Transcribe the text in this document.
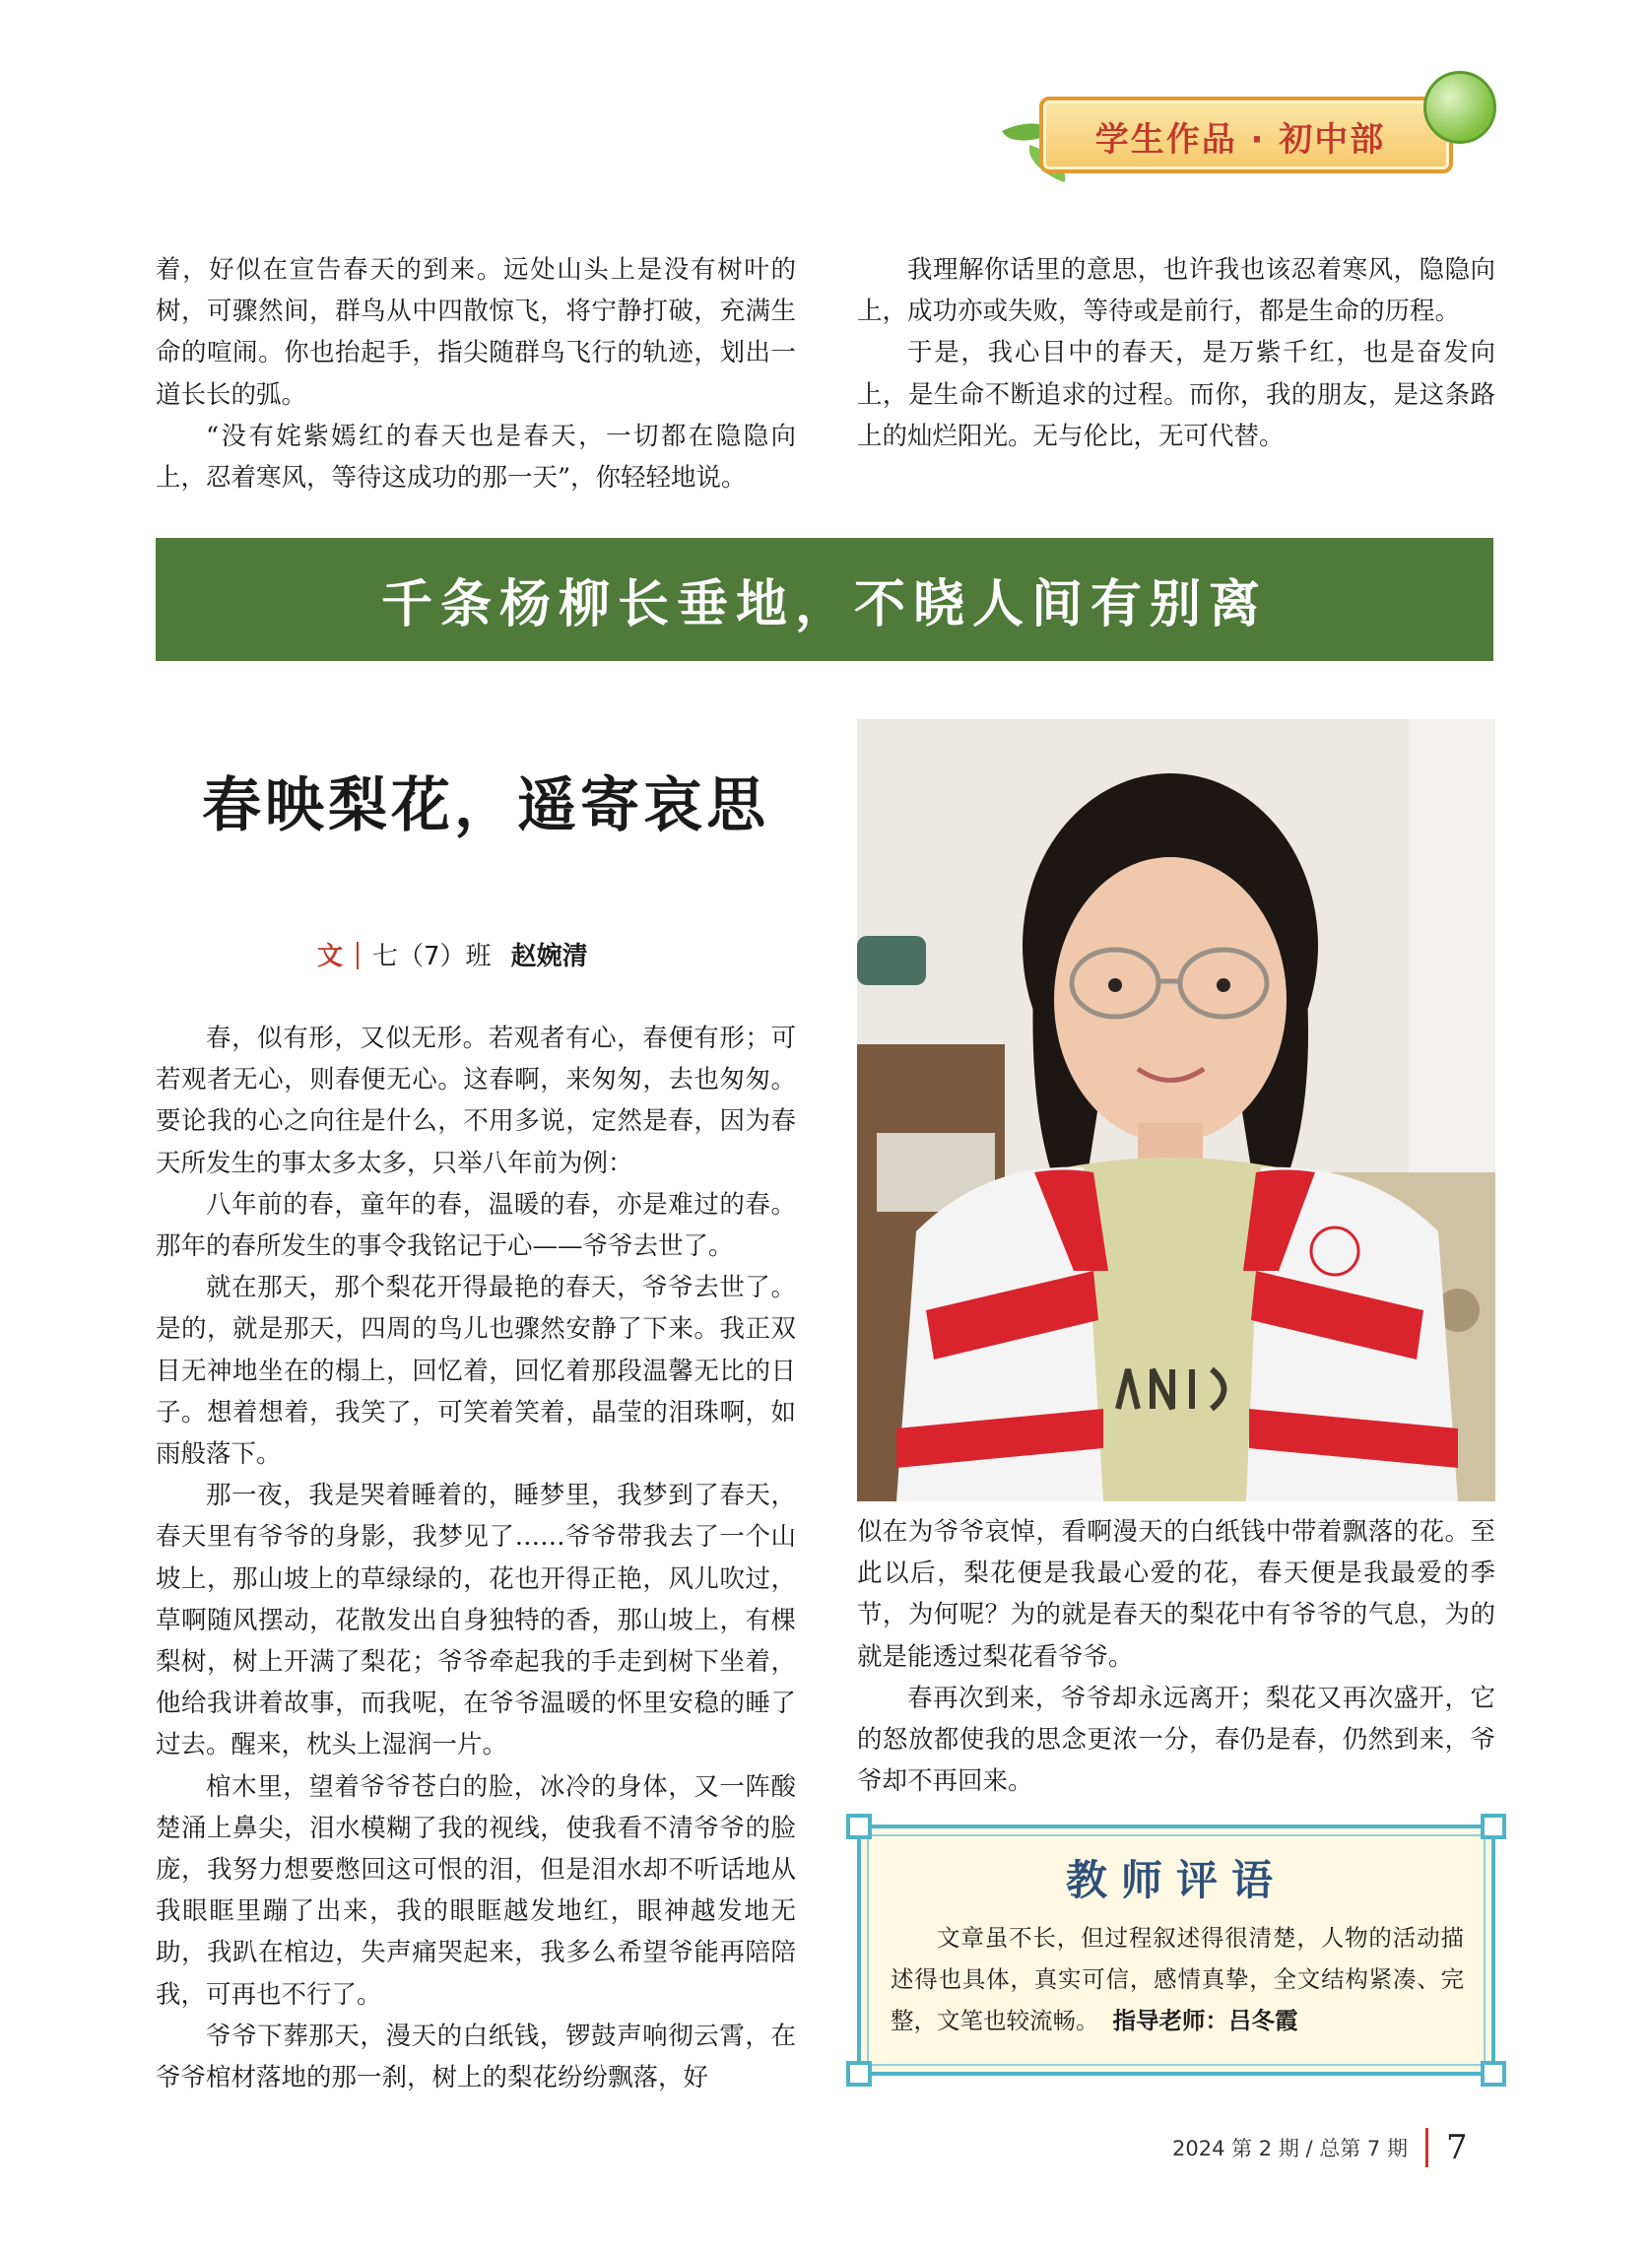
学生作品 · 初中部

着，好似在宣告春天的到来。远处山头上是没有树叶的树，可骤然间，群鸟从中四散惊飞，将宁静打破，充满生命的喧闹。你也抬起手，指尖随群鸟飞行的轨迹，划出一道长长的弧。

“没有姹紫嫣红的春天也是春天，一切都在隐隐向上，忍着寒风，等待这成功的那一天”，你轻轻地说。

我理解你话里的意思，也许我也该忍着寒风，隐隐向上，成功亦或失败，等待或是前行，都是生命的历程。

于是，我心目中的春天，是万紫千红，也是奋发向上，是生命不断追求的过程。而你，我的朋友，是这条路上的灿烂阳光。无与伦比，无可代替。

千条杨柳长垂地，不晓人间有别离
春映梨花，遥寄哀思
文 七（7）班 赵婉清

春，似有形，又似无形。若观者有心，春便有形；可若观者无心，则春便无心。这春啊，来匆匆，去也匆匆。要论我的心之向往是什么，不用多说，定然是春，因为春天所发生的事太多太多，只举八年前为例：

八年前的春，童年的春，温暖的春，亦是难过的春。那年的春所发生的事令我铭记于心——爷爷去世了。

就在那天，那个梨花开得最艳的春天，爷爷去世了。是的，就是那天，四周的鸟儿也骤然安静了下来。我正双目无神地坐在的榻上，回忆着，回忆着那段温馨无比的日子。想着想着，我笑了，可笑着笑着，晶莹的泪珠啊，如雨般落下。

那一夜，我是哭着睡着的，睡梦里，我梦到了春天，春天里有爷爷的身影，我梦见了……爷爷带我去了一个山坡上，那山坡上的草绿绿的，花也开得正艳，风儿吹过，草啊随风摆动，花散发出自身独特的香，那山坡上，有棵梨树，树上开满了梨花；爷爷牵起我的手走到树下坐着，他给我讲着故事，而我呢，在爷爷温暖的怀里安稳的睡了过去。醒来，枕头上湿润一片。

棺木里，望着爷爷苍白的脸，冰冷的身体，又一阵酸楚涌上鼻尖，泪水模糊了我的视线，使我看不清爷爷的脸庞，我努力想要憋回这可恨的泪，但是泪水却不听话地从我眼眶里蹦了出来，我的眼眶越发地红，眼神越发地无助，我趴在棺边，失声痛哭起来，我多么希望爷能再陪陪我，可再也不行了。

爷爷下葬那天，漫天的白纸钱，锣鼓声响彻云霄，在爷爷棺材落地的那一刹，树上的梨花纷纷飘落，好

似在为爷爷哀悼，看啊漫天的白纸钱中带着飘落的花。至此以后，梨花便是我最心爱的花，春天便是我最爱的季节，为何呢？为的就是春天的梨花中有爷爷的气息，为的就是能透过梨花看爷爷。

春再次到来，爷爷却永远离开；梨花又再次盛开，它的怒放都使我的思念更浓一分，春仍是春，仍然到来，爷爷却不再回来。

教师评语
文章虽不长，但过程叙述得很清楚，人物的活动描述得也具体，真实可信，感情真挚，全文结构紧凑、完整，文笔也较流畅。 指导老师：吕冬霞
2024 第 2 期 / 总第 7 期 7
